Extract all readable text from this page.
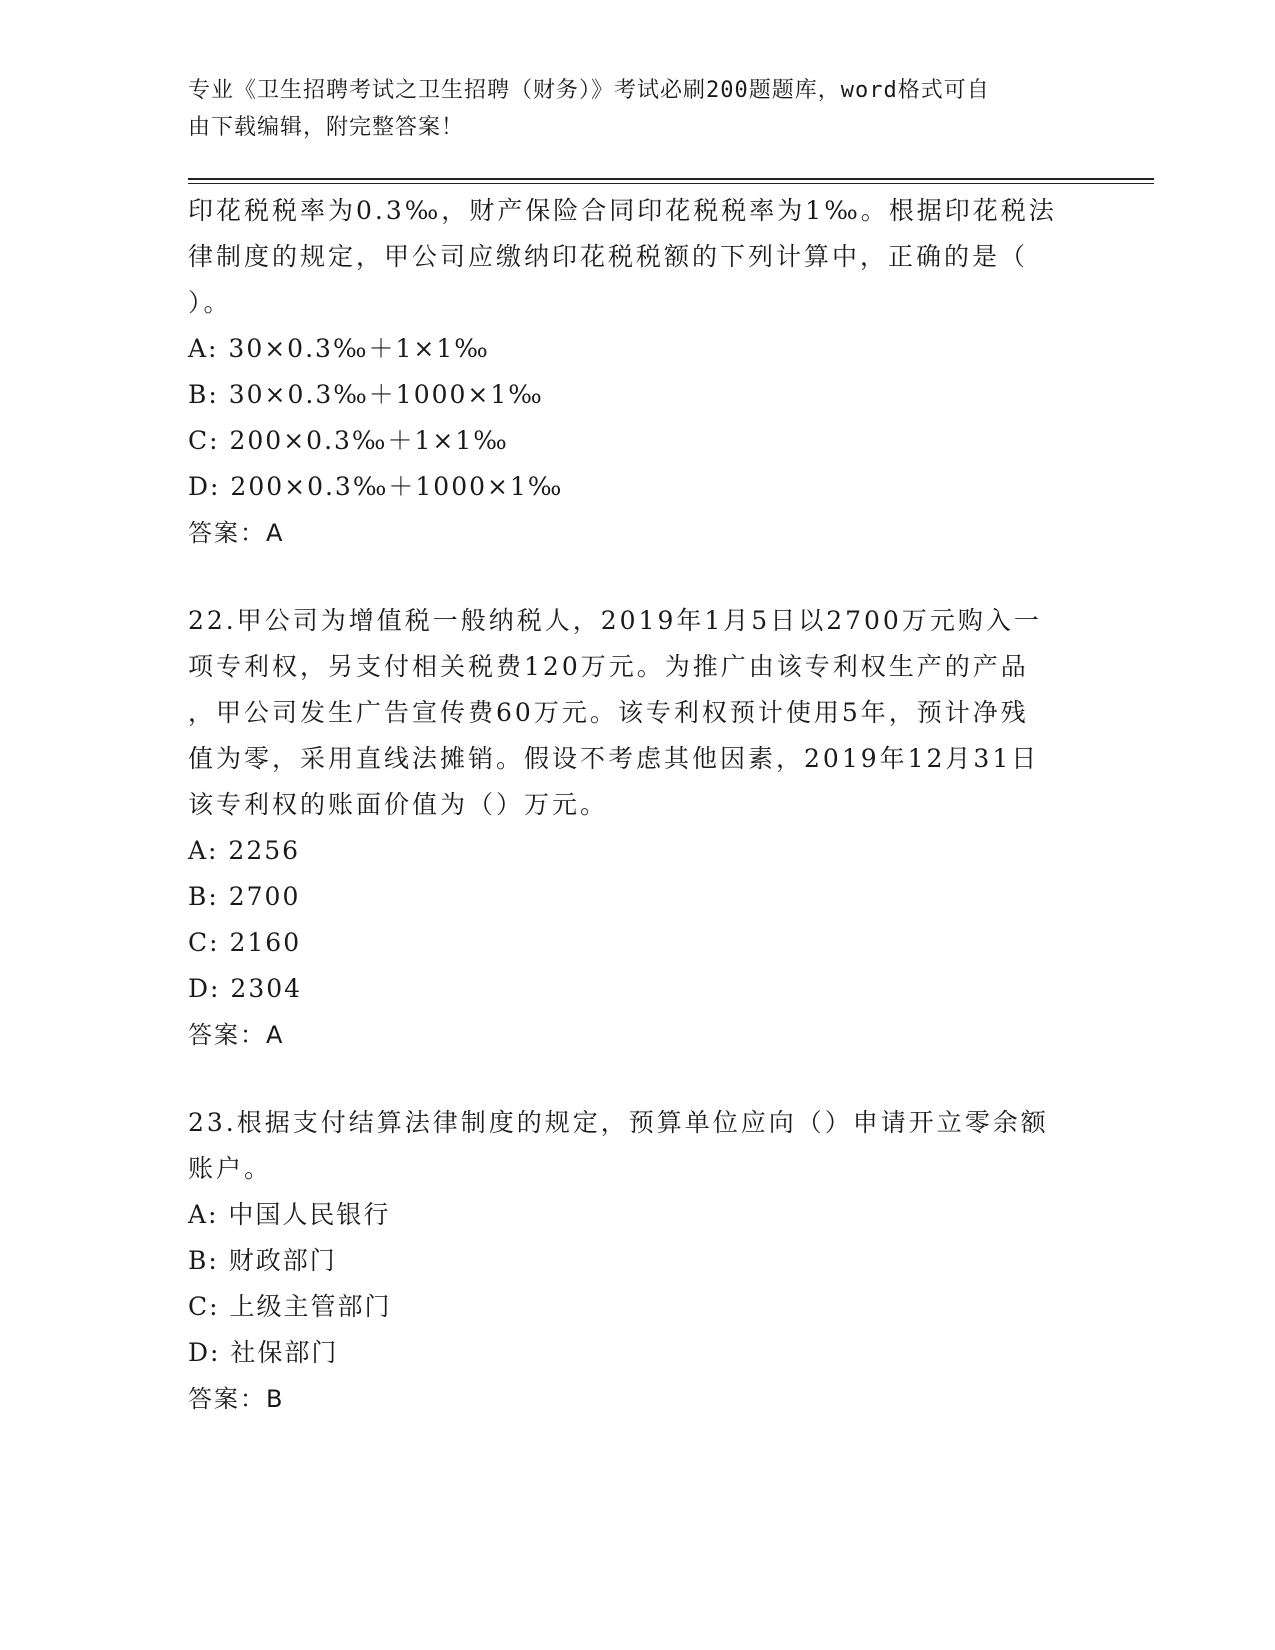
专业《卫生招聘考试之卫生招聘（财务）》考试必刷200题题库，word格式可自
由下载编辑，附完整答案！

印花税税率为0.3‰，财产保险合同印花税税率为1‰。根据印花税法

律制度的规定，甲公司应缴纳印花税税额的下列计算中，正确的是（

）。

A: 30×0.3‰＋1×1‰

B: 30×0.3‰＋1000×1‰

C: 200×0.3‰＋1×1‰

D: 200×0.3‰＋1000×1‰

答案：A

22.甲公司为增值税一般纳税人，2019年1月5日以2700万元购入一

项专利权，另支付相关税费120万元。为推广由该专利权生产的产品

，甲公司发生广告宣传费60万元。该专利权预计使用5年，预计净残

值为零，采用直线法摊销。假设不考虑其他因素，2019年12月31日

该专利权的账面价值为（）万元。

A: 2256

B: 2700

C: 2160

D: 2304

答案：A

23.根据支付结算法律制度的规定，预算单位应向（）申请开立零余额

账户。

A: 中国人民银行

B: 财政部门

C: 上级主管部门

D: 社保部门

答案：B
